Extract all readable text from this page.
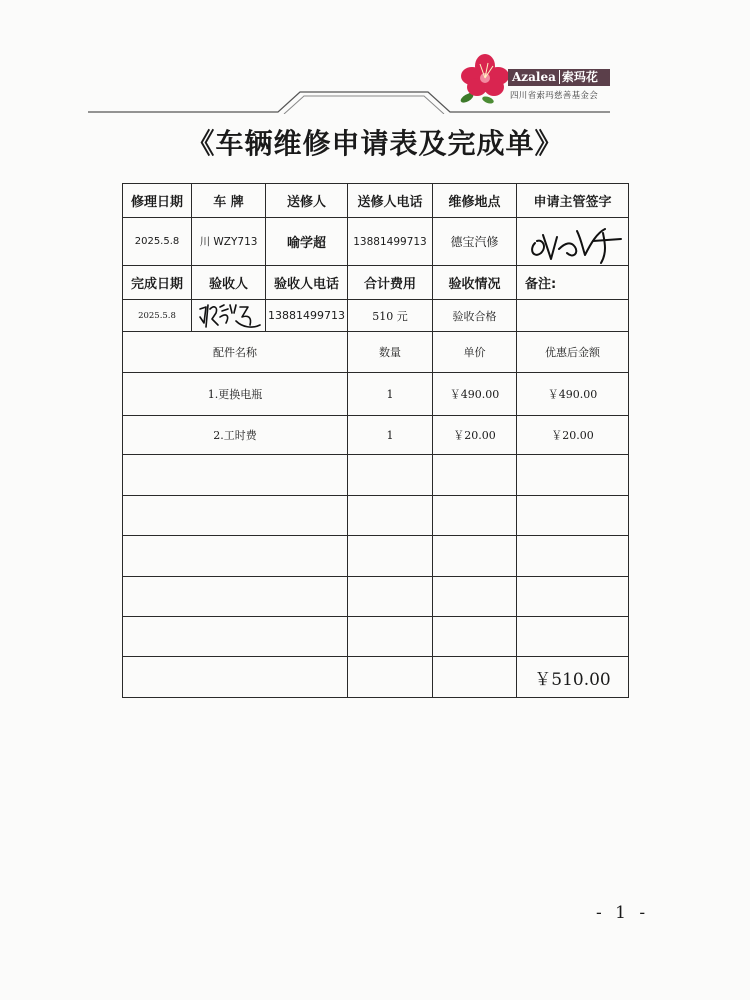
Azalea 索玛花
四川省索玛慈善基金会
《车辆维修申请表及完成单》
修理日期	车 牌	送修人	送修人电话	维修地点	申请主管签字
2025.5.8	川 WZY713	喻学超	13881499713	德宝汽修	

完成日期	验收人	验收人电话	合计费用	验收情况	备注:
2025.5.8		13881499713	510 元	验收合格	
配件名称			数量	单价	优惠后金额
1.更换电瓶			1	￥490.00	￥490.00
2.工时费			1	￥20.00	￥20.00

					￥510.00
- 1 -
